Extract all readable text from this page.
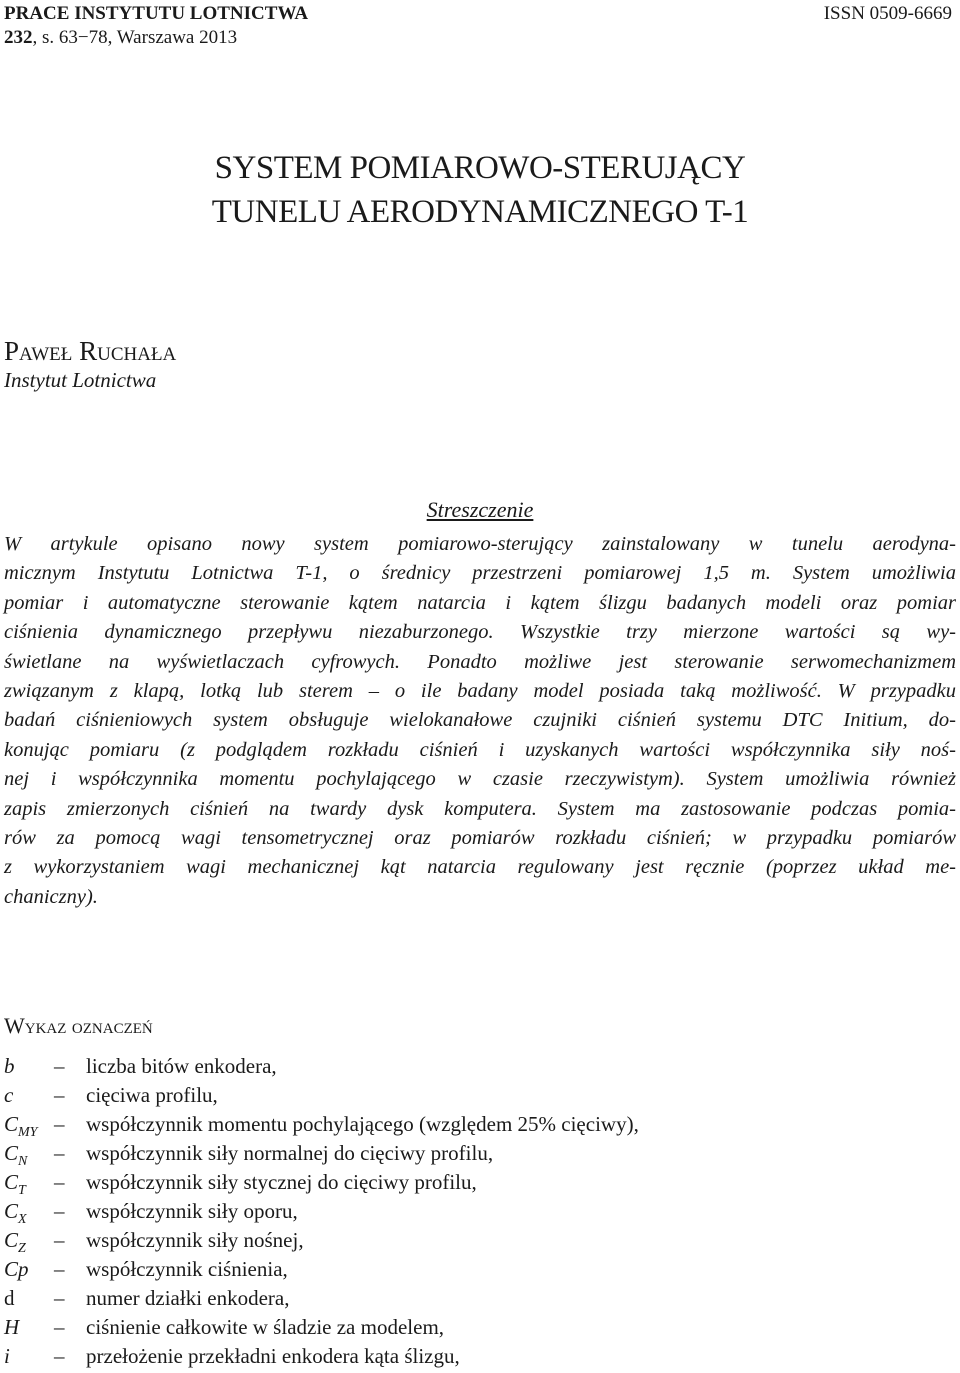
PRACE INSTYTUTU LOTNICTWA
232, s. 63−78, Warszawa 2013
ISSN 0509-6669
SYSTEM POMIAROWO-STERUJĄCY
TUNELU AERODYNAMICZNEGO T-1
Paweł Ruchała
Instytut Lotnictwa
Streszczenie
W artykule opisano nowy system pomiarowo-sterujący zainstalowany w tunelu aerodyna-
micznym Instytutu Lotnictwa T-1, o średnicy przestrzeni pomiarowej 1,5 m. System umożliwia
pomiar i automatyczne sterowanie kątem natarcia i kątem ślizgu badanych modeli oraz pomiar
ciśnienia dynamicznego przepływu niezaburzonego. Wszystkie trzy mierzone wartości są wy-
świetlane na wyświetlaczach cyfrowych. Ponadto możliwe jest sterowanie serwomechanizmem
związanym z klapą, lotką lub sterem – o ile badany model posiada taką możliwość. W przypadku
badań ciśnieniowych system obsługuje wielokanałowe czujniki ciśnień systemu DTC Initium, do-
konując pomiaru (z podglądem rozkładu ciśnień i uzyskanych wartości współczynnika siły noś-
nej i współczynnika momentu pochylającego w czasie rzeczywistym). System umożliwia również
zapis zmierzonych ciśnień na twardy dysk komputera. System ma zastosowanie podczas pomia-
rów za pomocą wagi tensometrycznej oraz pomiarów rozkładu ciśnień; w przypadku pomiarów
z wykorzystaniem wagi mechanicznej kąt natarcia regulowany jest ręcznie (poprzez układ me-
chaniczny).
Wykaz oznaczeń
b – liczba bitów enkodera,
c – cięciwa profilu,
$C_{MY}$ – współczynnik momentu pochylającego (względem 25% cięciwy),
$C_N$ – współczynnik siły normalnej do cięciwy profilu,
$C_T$ – współczynnik siły stycznej do cięciwy profilu,
$C_X$ – współczynnik siły oporu,
$C_Z$ – współczynnik siły nośnej,
Cp – współczynnik ciśnienia,
d – numer działki enkodera,
H – ciśnienie całkowite w śladzie za modelem,
i – przełożenie przekładni enkodera kąta ślizgu,
